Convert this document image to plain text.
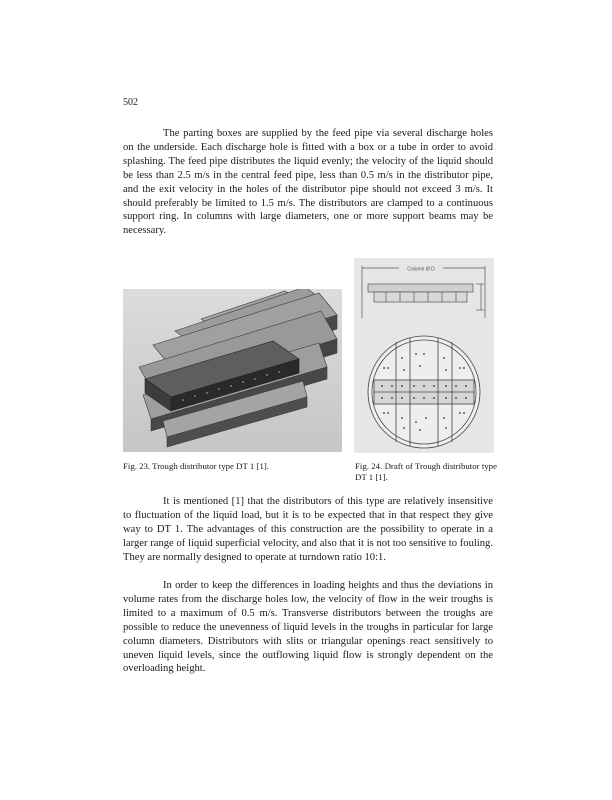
502

The parting boxes are supplied by the feed pipe via several discharge holes on the underside. Each discharge hole is fitted with a box or a tube in order to avoid splashing. The feed pipe distributes the liquid evenly; the velocity of the liquid should be less than 2.5 m/s in the central feed pipe, less than 0.5 m/s in the distributor pipe, and the exit velocity in the holes of the distributor pipe should not exceed 3 m/s. It should preferably be limited to 1.5 m/s. The distributors are clamped to a continuous support ring. In columns with large diameters, one or more support beams may be necessary.

Column Ø D

Fig. 23. Trough distributor type DT 1 [1].	Fig. 24. Draft of Trough distributor type DT 1 [1].

It is mentioned [1] that the distributors of this type are relatively insensitive to fluctuation of the liquid load, but it is to be expected that in that respect they give way to DT 1. The advantages of this construction are the possibility to operate in a larger range of liquid superficial velocity, and also that it is not too sensitive to fouling. They are normally designed to operate at turndown ratio 10:1.

In order to keep the differences in loading heights and thus the deviations in volume rates from the discharge holes low, the velocity of flow in the weir troughs is limited to a maximum of 0.5 m/s. Transverse distributors between the troughs are possible to reduce the unevenness of liquid levels in the troughs in particular for large column diameters. Distributors with slits or triangular openings react sensitively to uneven liquid levels, since the outflowing liquid flow is strongly dependent on the overloading height.
